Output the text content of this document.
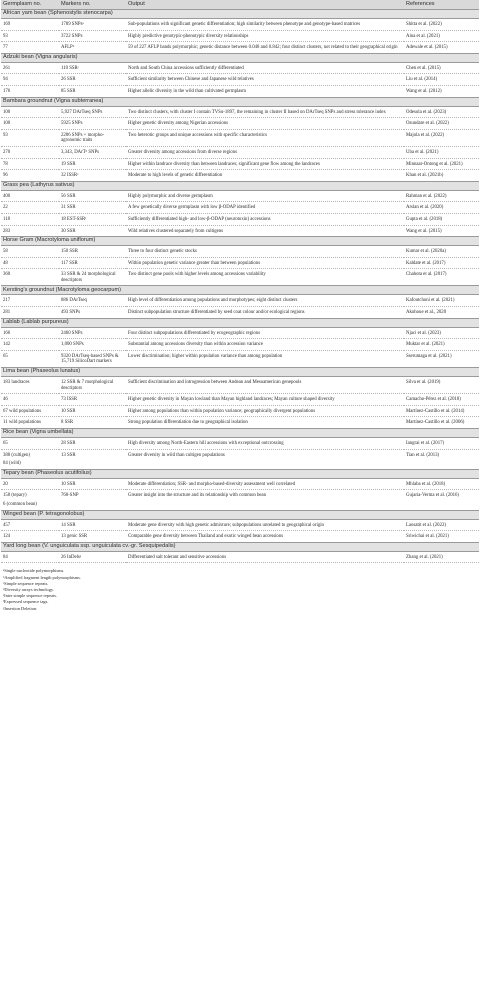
Germplasm no.	Markers no.	Output	References
African yam bean (Sphenostylis stenocarpa)			

169	1789 SNPsᵃ	Sub-populations with significant genetic differentiation; high similarity between phenotype and genotype-based matrices	Shitta et al. (2022)

93	3722 SNPs	Highly predictive genotypic-phenotypic diversity relationships	Aina et al. (2021)

77	AFLPᵇ	59 of 227 AFLP bands polymorphic; genetic distance between 0.048 and 0.842; four distinct clusters, not related to their geographical origin	Adewale et al. (2015)
Adzuki bean (Vigna angularis)			

261	110 SSRᶜ	North and South China accessions sufficiently differentiated	Chen et al. (2015)

94	26 SSR	Sufficient similarity between Chinese and Japanese wild relatives	Liu et al. (2014)

176	85 SSR	Higher allelic diversity in the wild than cultivated germplasm	Wang et al. (2012)
Bambara groundnut (Vigna subterranea)			

100	5,927 DArTseq SNPs	Two distinct clusters, with cluster I contain TVSu-1897, the remaining in cluster II based on DArTseq SNPs and stress tolerance index	Odesola et al. (2023)

100	5925 SNPs	Higher genetic diversity among Nigerian accessions	Osundare et al. (2022)

93	2286 SNPs + morpho-agronomic traits	Two heterotic groups and unique accessions with specific characteristics	Majola et al. (2022)

270	3,343, DArTᵈ SNPs	Greater diversity among accessions from diverse regions	Uba et al. (2021)

78	19 SSR	Higher within landrace diversity than between landraces; significant gene flow among the landraces	Minnaar-Ontong et al. (2021)

96	32 ISSRᵉ	Moderate to high levels of genetic differentiation	Khan et al. (2021b)
Grass pea (Lathyrus sativus)			

400	56 SSR	Highly polymorphic and diverse germplasm	Rahman et al. (2022)

22	31 SSR	A few genetically diverse germplasm with low β-ODAP identified	Arslan et al. (2020)

118	18 EST-SSRᶠ	Sufficiently differentiated high- and low-β-ODAP (neurotoxin) accessions	Gupta et al. (2018)

283	30 SSR	Wild relatives clustered separately from cultigens	Wang et al. (2015)
Horse Gram (Macrotyloma uniflorum)			

58	150 SSR	Three to four distinct genetic stocks	Kumar et al. (2020a)

48	117 SSR	Within population genetic variance greater than between populations	Kaldate et al. (2017)

360	33 SSR & 24 morphological descriptors	Two distinct gene pools with higher levels among accessions variability	Chahota et al. (2017)
Kersting's groundnut (Macrotyloma geocarpum)			

217	886 DArTseq	High level of differentiation among populations and morphotypes; eight distinct clusters	Kafoutchoni et al. (2021)

281	493 SNPs	Distinct subpopulation structure differentiated by seed coat colour and/or ecological regions	Akohoue et al., 2020
Lablab (Lablab purpureus)			

166	2460 SNPs	Four distinct subpopulations differentiated by ecogeographic regions	Njaci et al. (2023)

142	1,000 SNPs	Substantial among accessions diversity than within accession variance	Muktar et al. (2021)

65	9320 DArTseq-based SNPs & 15,719 SilicoDart markers	Lower discrimination; higher within population variance than among population	Sserumaga et al. (2021)
Lima bean (Phaseolus lunatus)			

183 landraces	12 SSR & 7 morphological descriptors	Sufficient discrimination and introgression between Andean and Mesoamerican genepools	Silva et al. (2019)

46	73 ISSR	Higher genetic diversity in Mayan lowland than Mayan highland landraces; Mayan culture shaped diversity	Camacho-Pérez et al. (2018)

67 wild populations	10 SSR	Higher among populations than within population variance; geographically divergent populations	Martínez-Castillo et al. (2014)

11 wild populations	8 SSR	Strong population differentiation due to geographical isolation	Martínez-Castillo et al. (2006)
Rice bean (Vigna umbellata)			

65	28 SSR	High diversity among North-Eastern hill accessions with exceptional outcrossing	Iangrai et al. (2017)

388 (cultigen)
84 (wild)	13 SSR	Greater diversity in wild than cultigen populations	Tian et al. (2013)
Tepary bean (Phaseolus acutifolius)			

20	10 SSR	Moderate differentiation; SSR- and morpho-based-diversity assessment well correlated	Mhlaba et al. (2018)

158 (tepary)
6 (common bean)	768-SNP	Greater insight into the structure and its relationship with common bean	Gujaria-Verma et al. (2016)
Winged bean (P. tetragonolobus)			

457	14 SSR	Moderate gene diversity with high genetic admixture; subpopulations unrelated to geographical origin	Laosatit et al. (2022)

124	13 genic SSR	Comparable gene diversity between Thailand and exotic winged bean accessions	Sriwichai et al. (2021)
Yard long bean (V. unguiculata ssp. unguiculata cv.-gr. Sesquipedalis)			

84	26 InDelsᵍ	Differentiated salt tolerant and sensitive accessions	Zhang et al. (2021)
ᵃSingle nucleotide polymorphisms.
ᵇAmplified fragment length polymorphisms.
ᶜSimple sequence repeats.
ᵈDiversity arrays technology.
ᵉInter simple sequence repeats.
ᶠExpressed sequence tags.
ᵍInsertion Deletion.
